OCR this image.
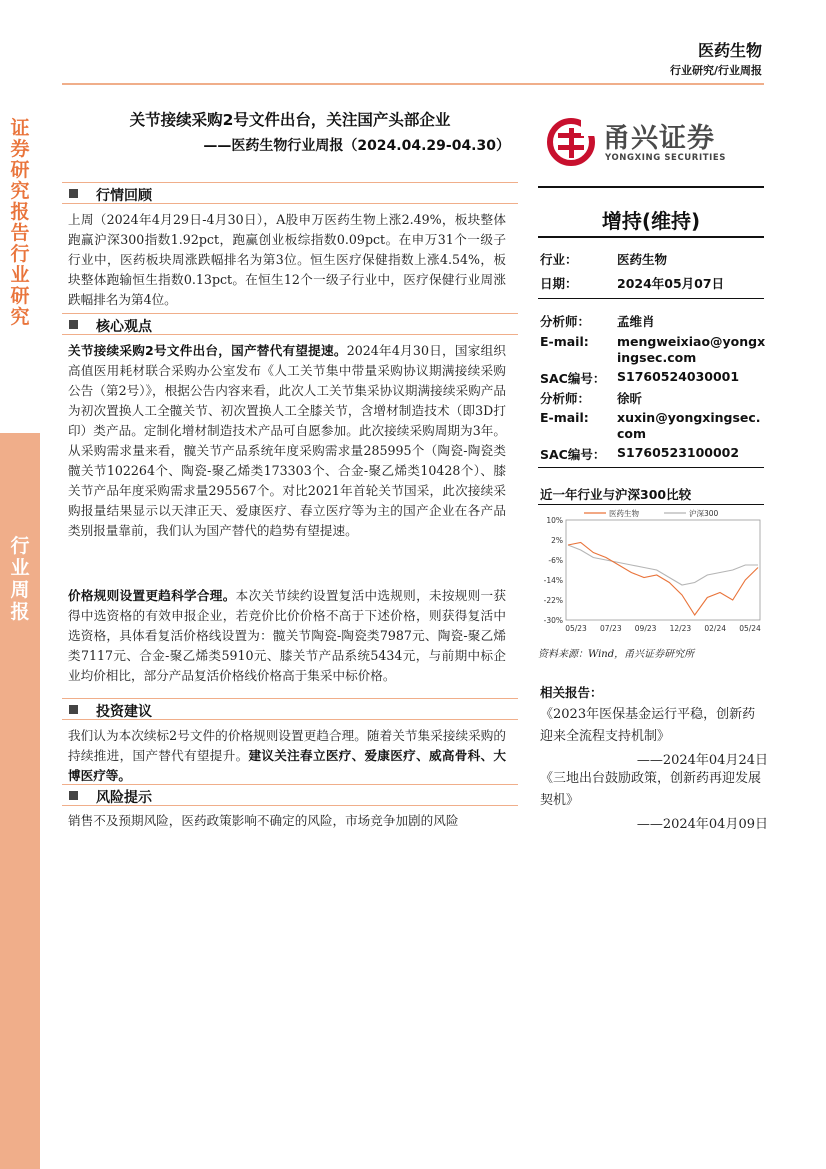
证券研究报告 行业研究
行业周报
医药生物
行业研究/行业周报
关节接续采购2号文件出台，关注国产头部企业
——医药生物行业周报（2024.04.29-04.30）	甬兴证券
YONGXING SECURITIES
行情回顾
上周（2024年4月29日-4月30日），A股申万医药生物上涨2.49%，板块整体跑赢沪深300指数1.92pct，跑赢创业板综指数0.09pct。在申万31个一级子行业中，医药板块周涨跌幅排名为第3位。恒生医疗保健指数上涨4.54%，板块整体跑输恒生指数0.13pct。在恒生12个一级子行业中，医疗保健行业周涨跌幅排名为第4位。
核心观点
关节接续采购2号文件出台，国产替代有望提速。2024年4月30日，国家组织高值医用耗材联合采购办公室发布《人工关节集中带量采购协议期满接续采购公告（第2号）》，根据公告内容来看，此次人工关节集采协议期满接续采购产品为初次置换人工全髋关节、初次置换人工全膝关节，含增材制造技术（即3D打印）类产品。定制化增材制造技术产品可自愿参加。此次接续采购周期为3年。从采购需求量来看，髋关节产品系统年度采购需求量285995个（陶瓷-陶瓷类髋关节102264个、陶瓷-聚乙烯类173303个、合金-聚乙烯类10428个）、膝关节产品年度采购需求量295567个。对比2021年首轮关节国采，此次接续采购报量结果显示以天津正天、爱康医疗、春立医疗等为主的国产企业在各产品类别报量靠前，我们认为国产替代的趋势有望提速。
价格规则设置更趋科学合理。本次关节续约设置复活中选规则，未按规则一获得中选资格的有效申报企业，若竞价比价价格不高于下述价格，则获得复活中选资格，具体看复活价格线设置为：髋关节陶瓷-陶瓷类7987元、陶瓷-聚乙烯类7117元、合金-聚乙烯类5910元、膝关节产品系统5434元，与前期中标企业均价相比，部分产品复活价格线价格高于集采中标价格。
投资建议
我们认为本次续标2号文件的价格规则设置更趋合理。随着关节集采接续采购的持续推进，国产替代有望提升。建议关注春立医疗、爱康医疗、威高骨科、大博医疗等。
风险提示
销售不及预期风险，医药政策影响不确定的风险，市场竞争加剧的风险
增持(维持)
行业：	医药生物
日期：	2024年05月07日
分析师： 孟维肖
E-mail: mengweixiao@yongxingsec.com
SAC编号： S1760524030001
分析师： 徐昕
E-mail: xuxin@yongxingsec.com
SAC编号： S1760523100002
近一年行业与沪深300比较
10%
2%
-6%
-14%
-22%
-30%
05/23 07/23 09/23 12/23 02/24 05/24
医药生物	沪深300
资料来源：Wind，甬兴证券研究所
相关报告：
《2023年医保基金运行平稳，创新药迎来全流程支持机制》
——2024年04月24日
《三地出台鼓励政策，创新药再迎发展契机》
——2024年04月09日
